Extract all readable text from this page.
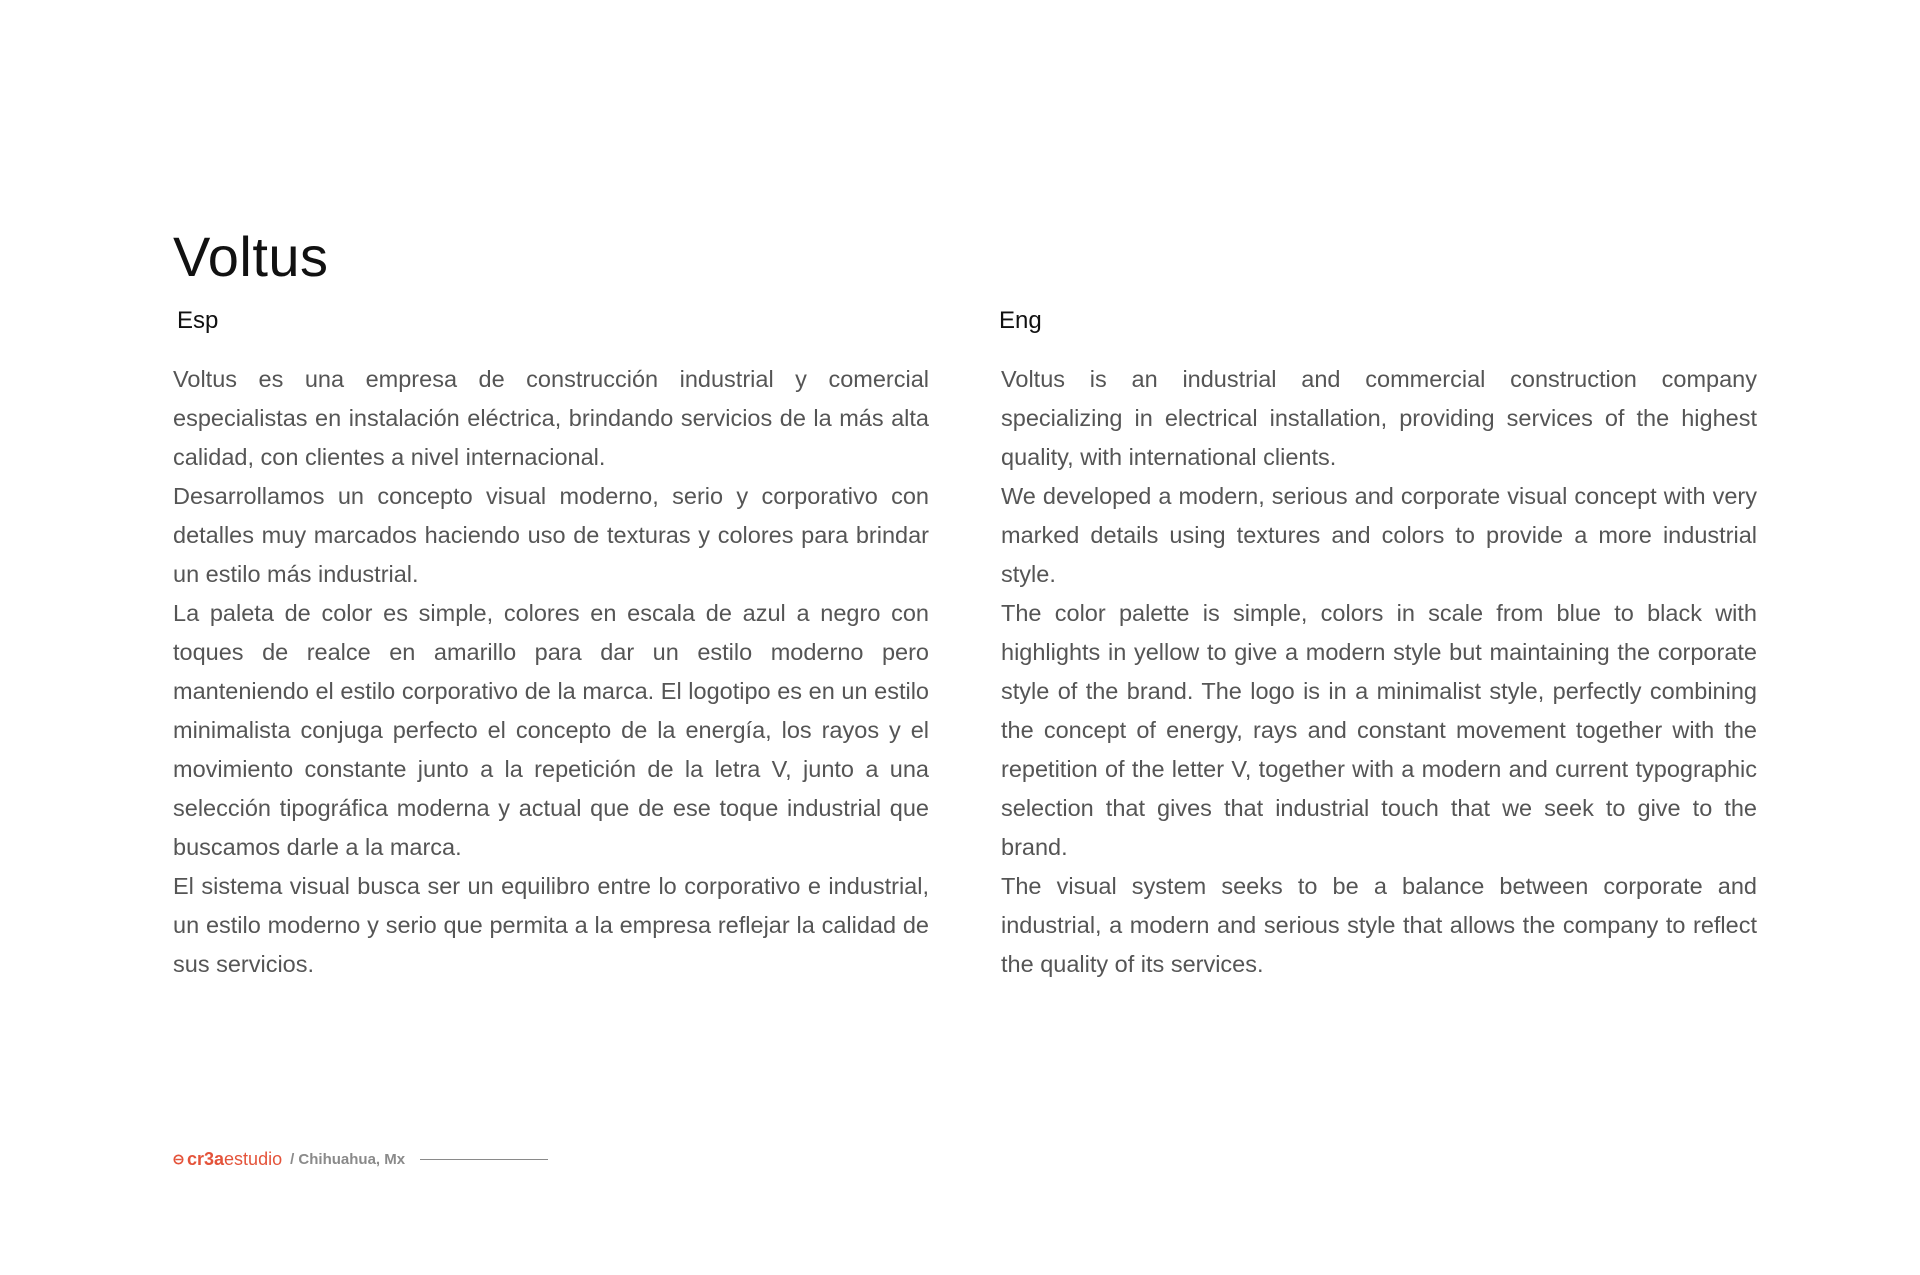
Voltus
Esp

Voltus es una empresa de construcción industrial y comercial especialistas en instalación eléctrica, brindando servicios de la más alta calidad, con clientes a nivel internacional.

Desarrollamos un concepto visual moderno, serio y corporativo con detalles muy marcados haciendo uso de texturas y colores para brindar un estilo más industrial.

La paleta de color es simple, colores en escala de azul a negro con toques de realce en amarillo para dar un estilo moderno pero manteniendo el estilo corporativo de la marca. El logotipo es en un estilo minimalista conjuga perfecto el concepto de la energía, los rayos y el movimiento constante junto a la repetición de la letra V, junto a una selección tipográfica moderna y actual que de ese toque industrial que buscamos darle a la marca.

El sistema visual busca ser un equilibro entre lo corporativo e industrial, un estilo moderno y serio que permita a la empresa reflejar la calidad de sus servicios.

Eng

Voltus is an industrial and commercial construction company specializing in electrical installation, providing services of the highest quality, with international clients.

We developed a modern, serious and corporate visual concept with very marked details using textures and colors to provide a more industrial style.

The color palette is simple, colors in scale from blue to black with highlights in yellow to give a modern style but maintaining the corporate style of the brand. The logo is in a minimalist style, perfectly combining the concept of energy, rays and constant movement together with the repetition of the letter V, together with a modern and current typographic selection that gives that industrial touch that we seek to give to the brand.

The visual system seeks to be a balance between corporate and industrial, a modern and serious style that allows the company to reflect the quality of its services.

cr3a estudio / Chihuahua, Mx
